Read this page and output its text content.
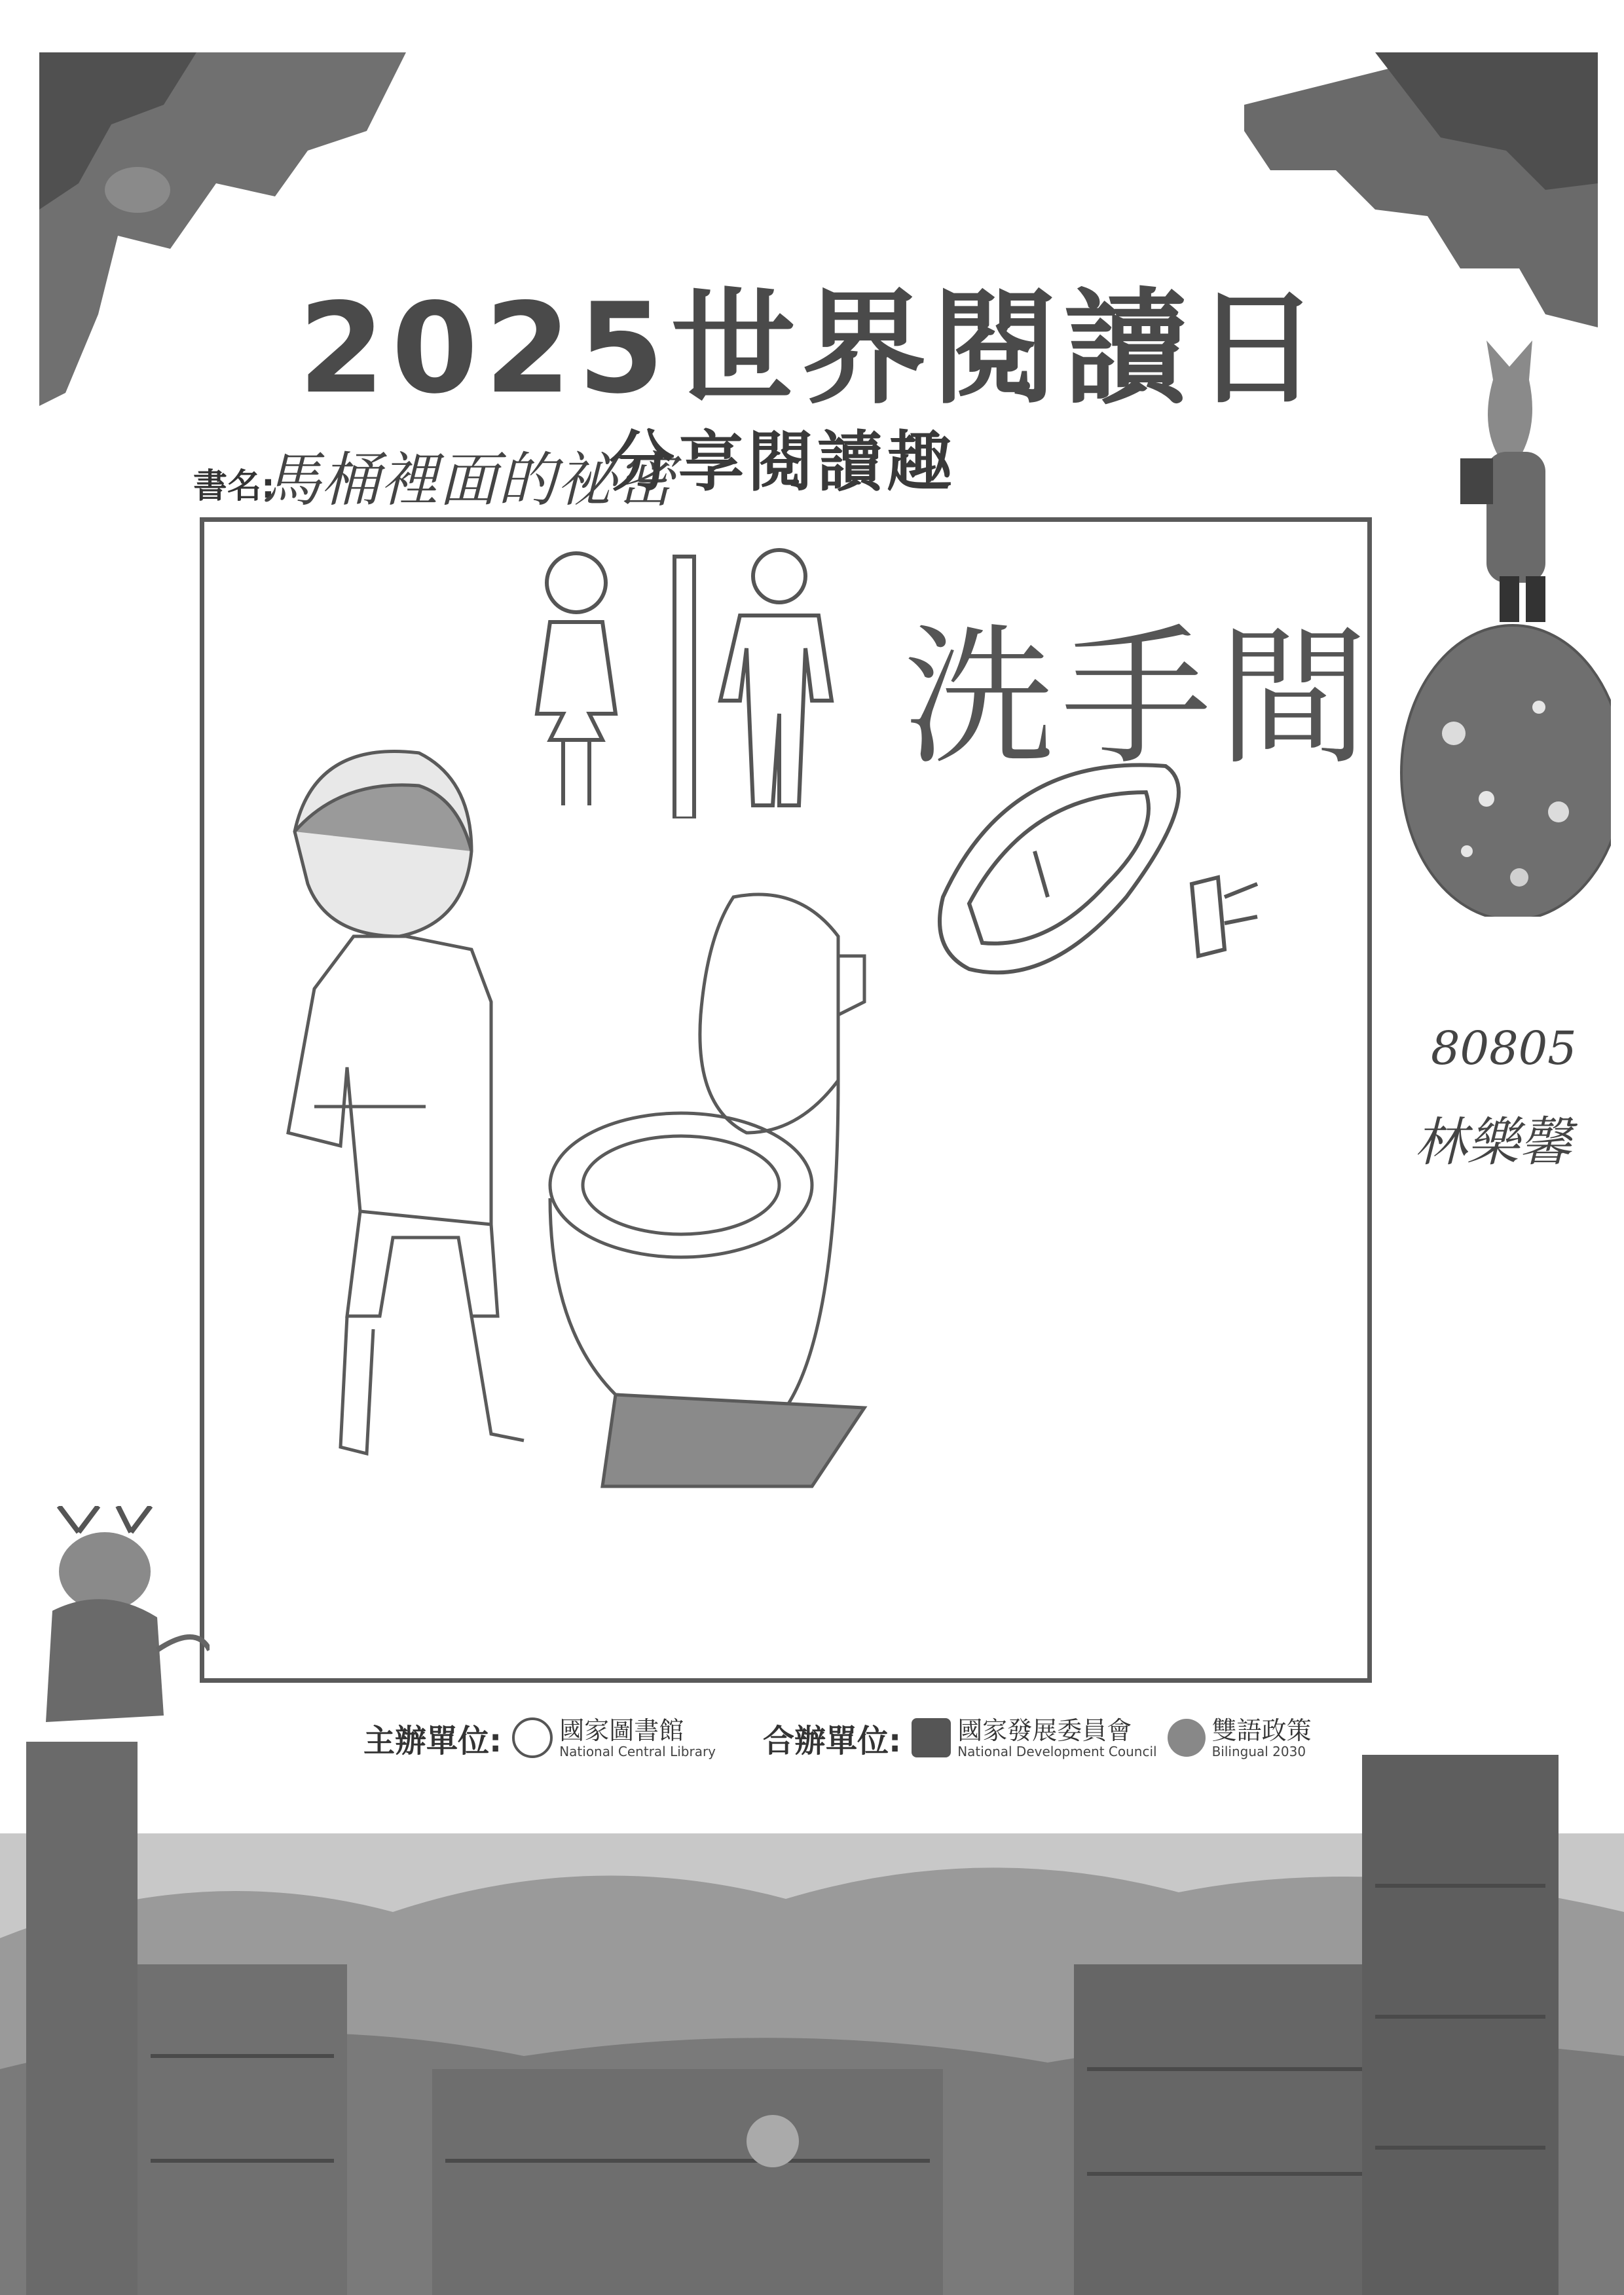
2025世界閱讀日
書名:
馬桶裡面的祕密
分享閱讀趣
洗手間
80805
林樂馨
主辦單位: 國家圖書館
National Central Library 合辦單位: 國家發展委員會
National Development Council
雙語政策
Bilingual 2030
